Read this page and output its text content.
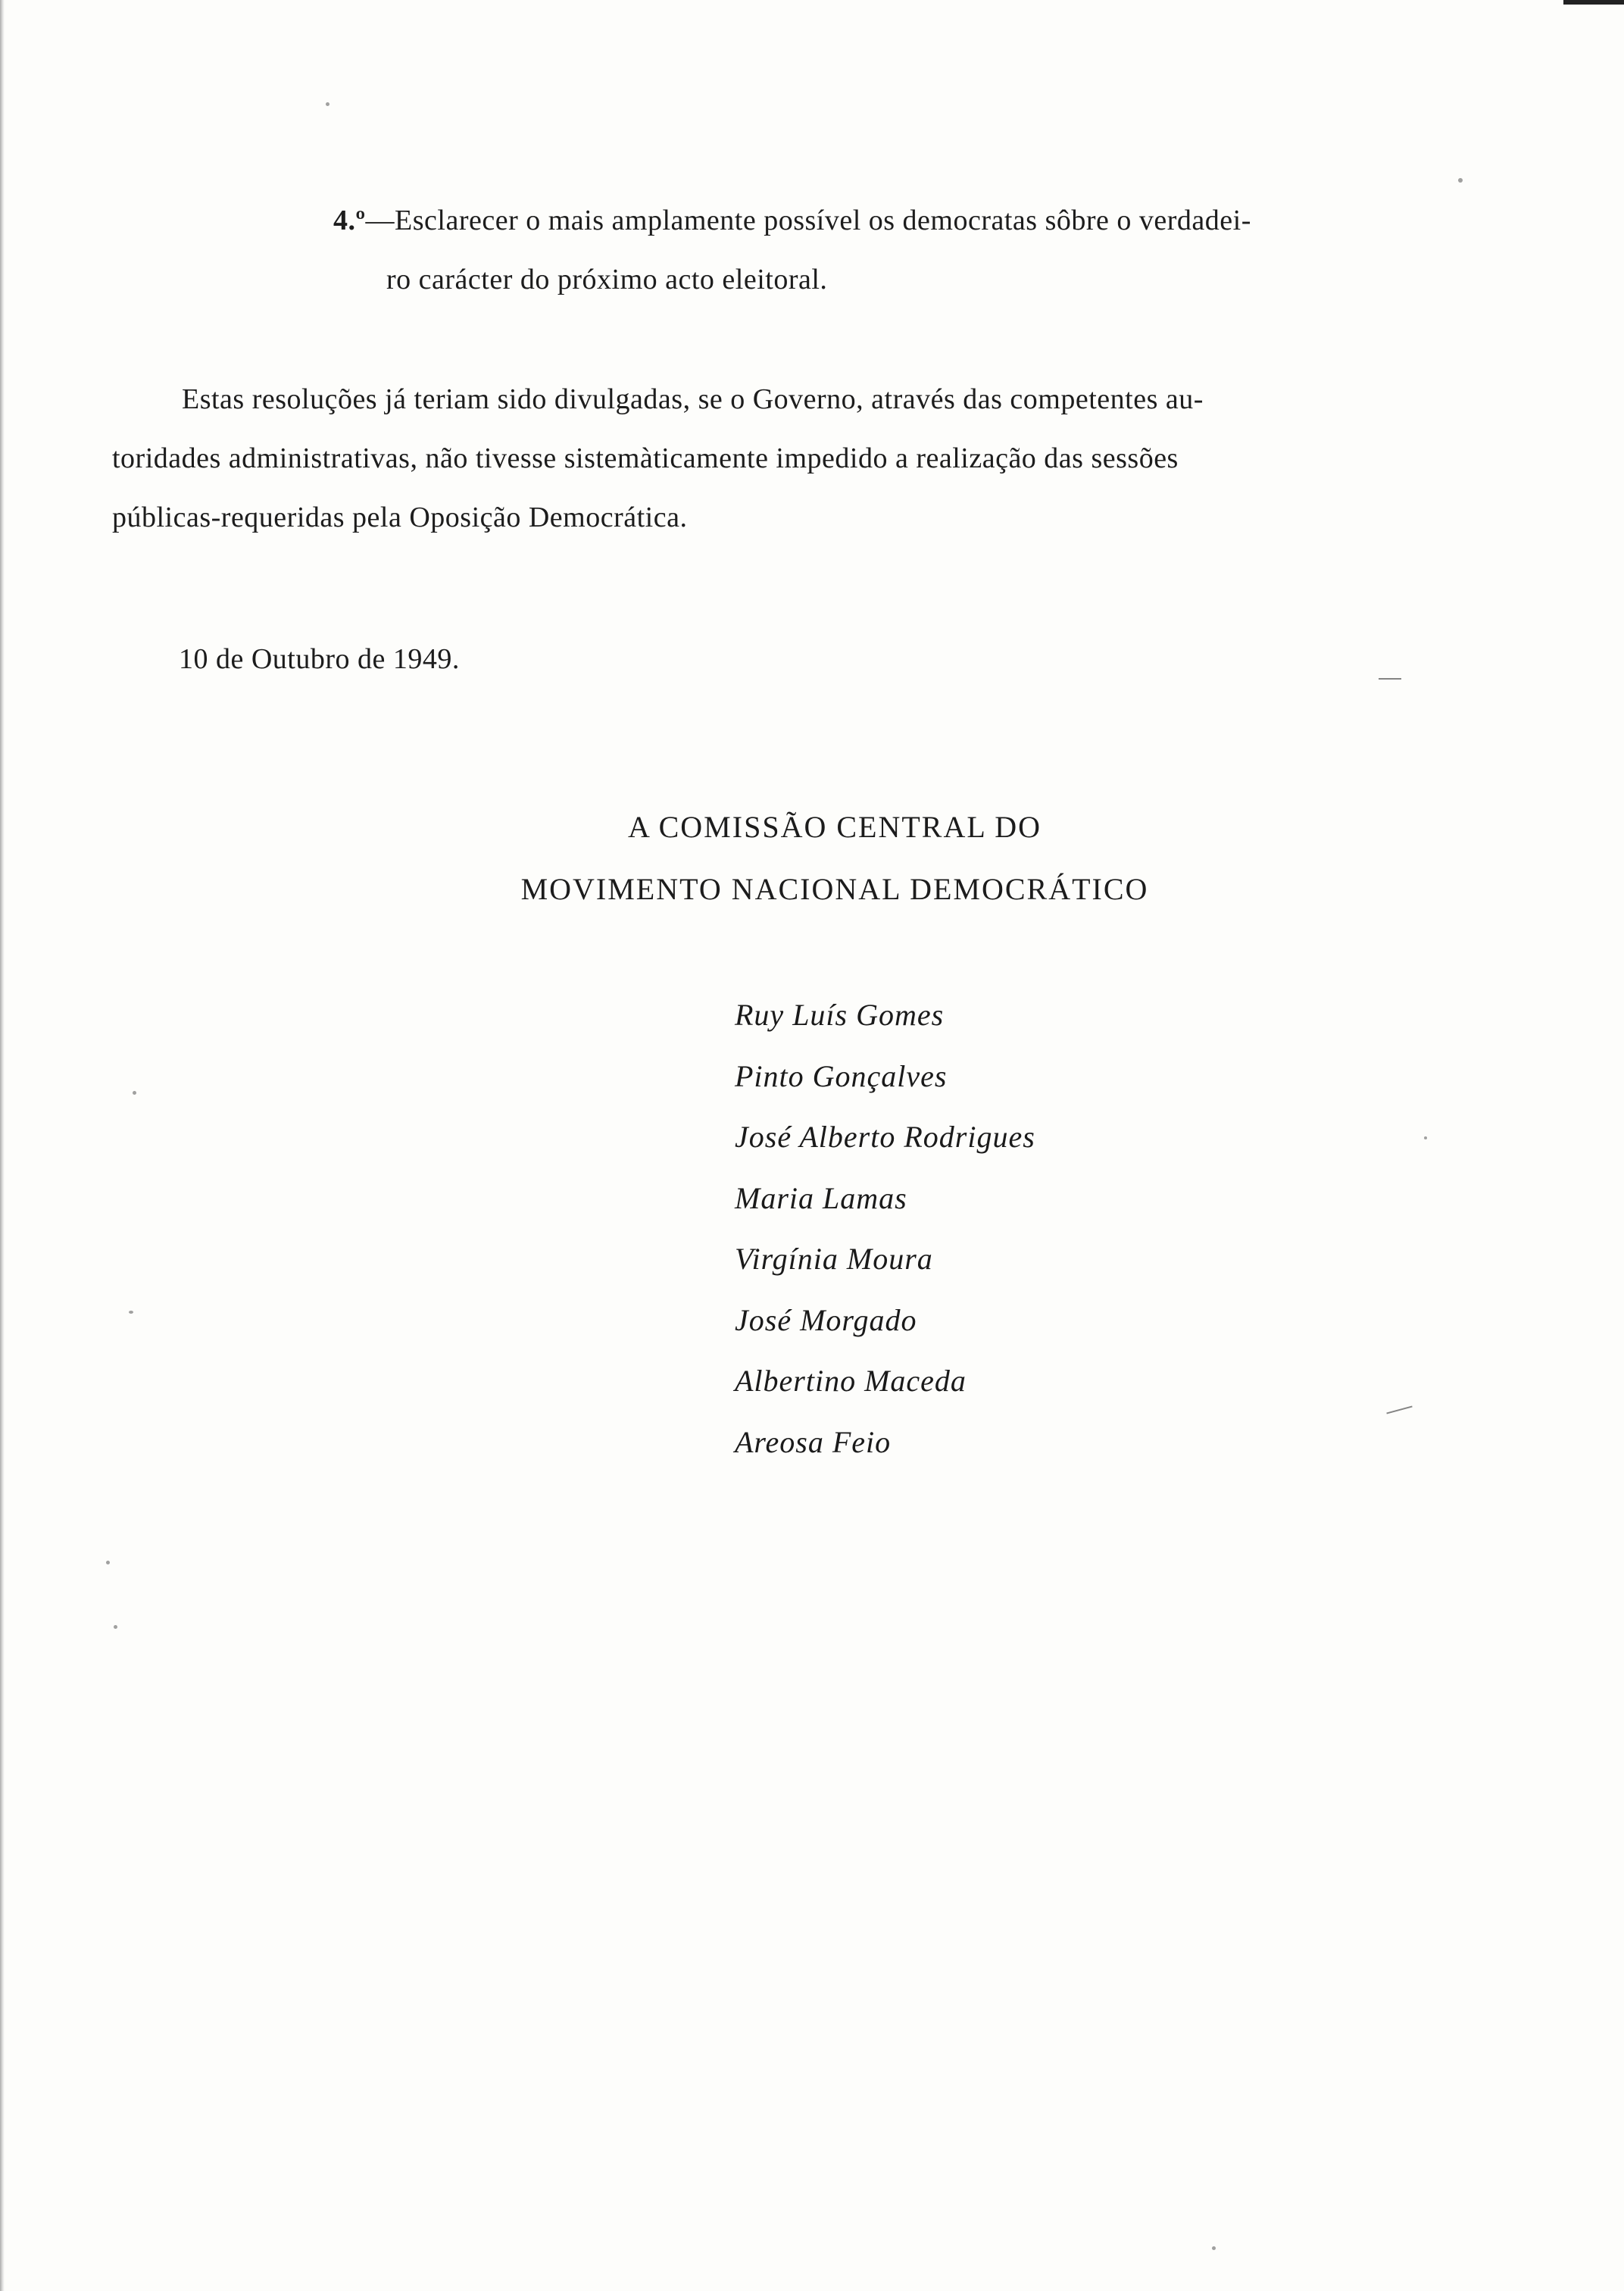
4.º—Esclarecer o mais amplamente possível os democratas sôbre o verdadei-
ro carácter do próximo acto eleitoral.
Estas resoluções já teriam sido divulgadas, se o Governo, através das competentes au-
toridades administrativas, não tivesse sistemàticamente impedido a realização das sessões
públicas-requeridas pela Oposição Democrática.
10 de Outubro de 1949.
A COMISSÃO CENTRAL DO
MOVIMENTO NACIONAL DEMOCRÁTICO
Ruy Luís Gomes
Pinto Gonçalves
José Alberto Rodrigues
Maria Lamas
Virgínia Moura
José Morgado
Albertino Maceda
Areosa Feio
